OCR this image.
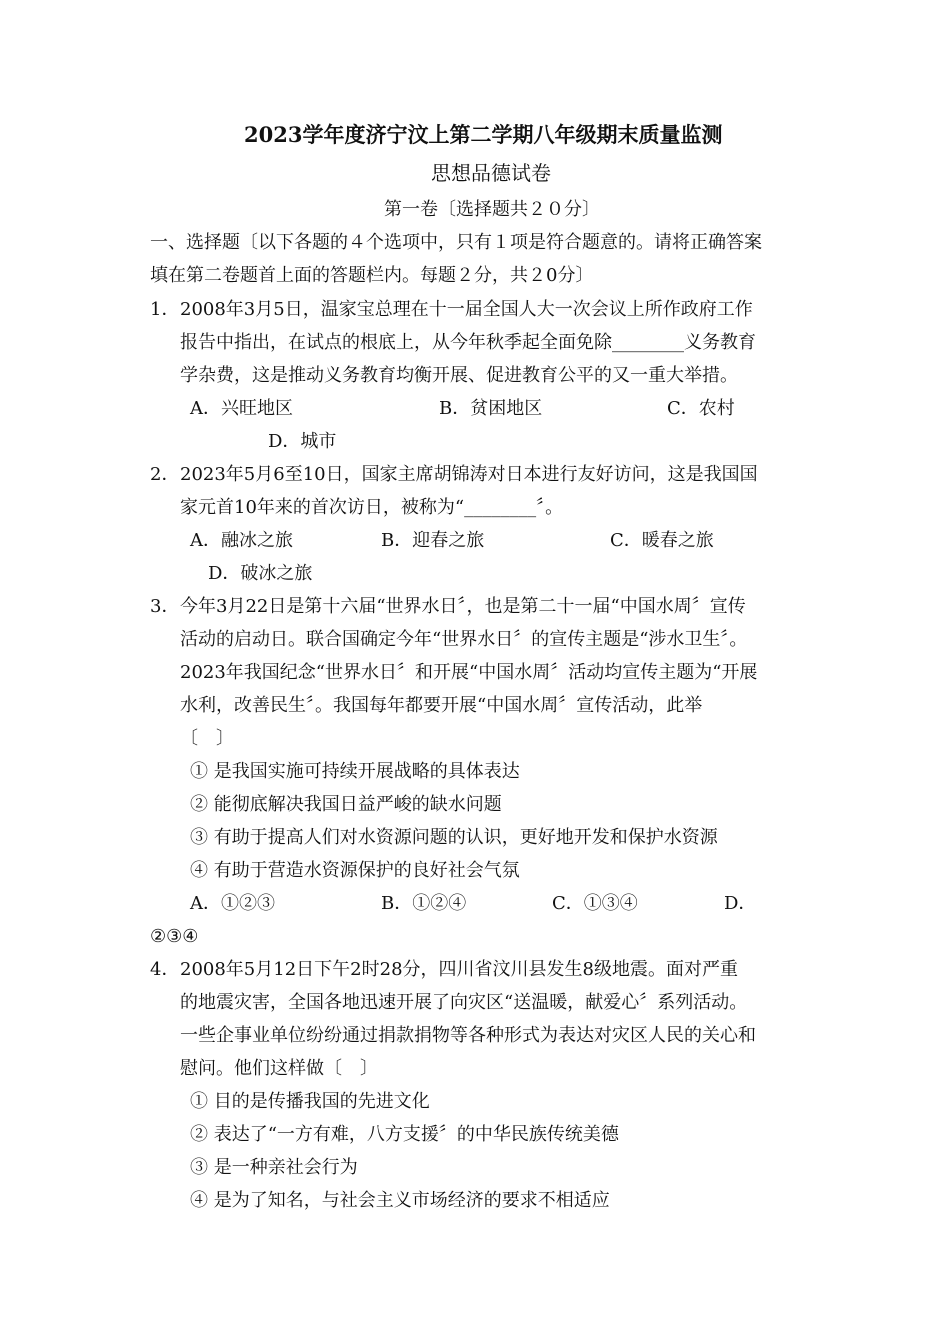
2023学年度济宁汶上第二学期八年级期末质量监测
思想品德试卷
第一卷〔选择题共２０分〕
一、选择题〔以下各题的４个选项中，只有１项是符合题意的。请将正确答案
填在第二卷题首上面的答题栏内。每题２分，共２0分〕
1． 2008年3月5日，温家宝总理在十一届全国人大一次会议上所作政府工作
报告中指出，在试点的根底上，从今年秋季起全面免除________义务教育
学杂费，这是推动义务教育均衡开展、促进教育公平的又一重大举措。
A．兴旺地区	B．贫困地区	C．农村
D．城市
2． 2023年5月6至10日，国家主席胡锦涛对日本进行友好访问，这是我国国
家元首10年来的首次访日，被称为“________〞。
A．融冰之旅	B．迎春之旅	C．暖春之旅
D．破冰之旅
3． 今年3月22日是第十六届“世界水日〞，也是第二十一届“中国水周〞宣传
活动的启动日。联合国确定今年“世界水日〞的宣传主题是“涉水卫生〞。
2023年我国纪念“世界水日〞和开展“中国水周〞活动均宣传主题为“开展
水利，改善民生〞。我国每年都要开展“中国水周〞宣传活动，此举
〔　〕
① 是我国实施可持续开展战略的具体表达
② 能彻底解决我国日益严峻的缺水问题
③ 有助于提高人们对水资源问题的认识，更好地开发和保护水资源
④ 有助于营造水资源保护的良好社会气氛
A．①②③	B．①②④	C．①③④	D．
②③④
4． 2008年5月12日下午2时28分，四川省汶川县发生8级地震。面对严重
的地震灾害，全国各地迅速开展了向灾区“送温暖，献爱心〞系列活动。
一些企事业单位纷纷通过捐款捐物等各种形式为表达对灾区人民的关心和
慰问。他们这样做〔　〕
① 目的是传播我国的先进文化
② 表达了“一方有难，八方支援〞的中华民族传统美德
③ 是一种亲社会行为
④ 是为了知名，与社会主义市场经济的要求不相适应
